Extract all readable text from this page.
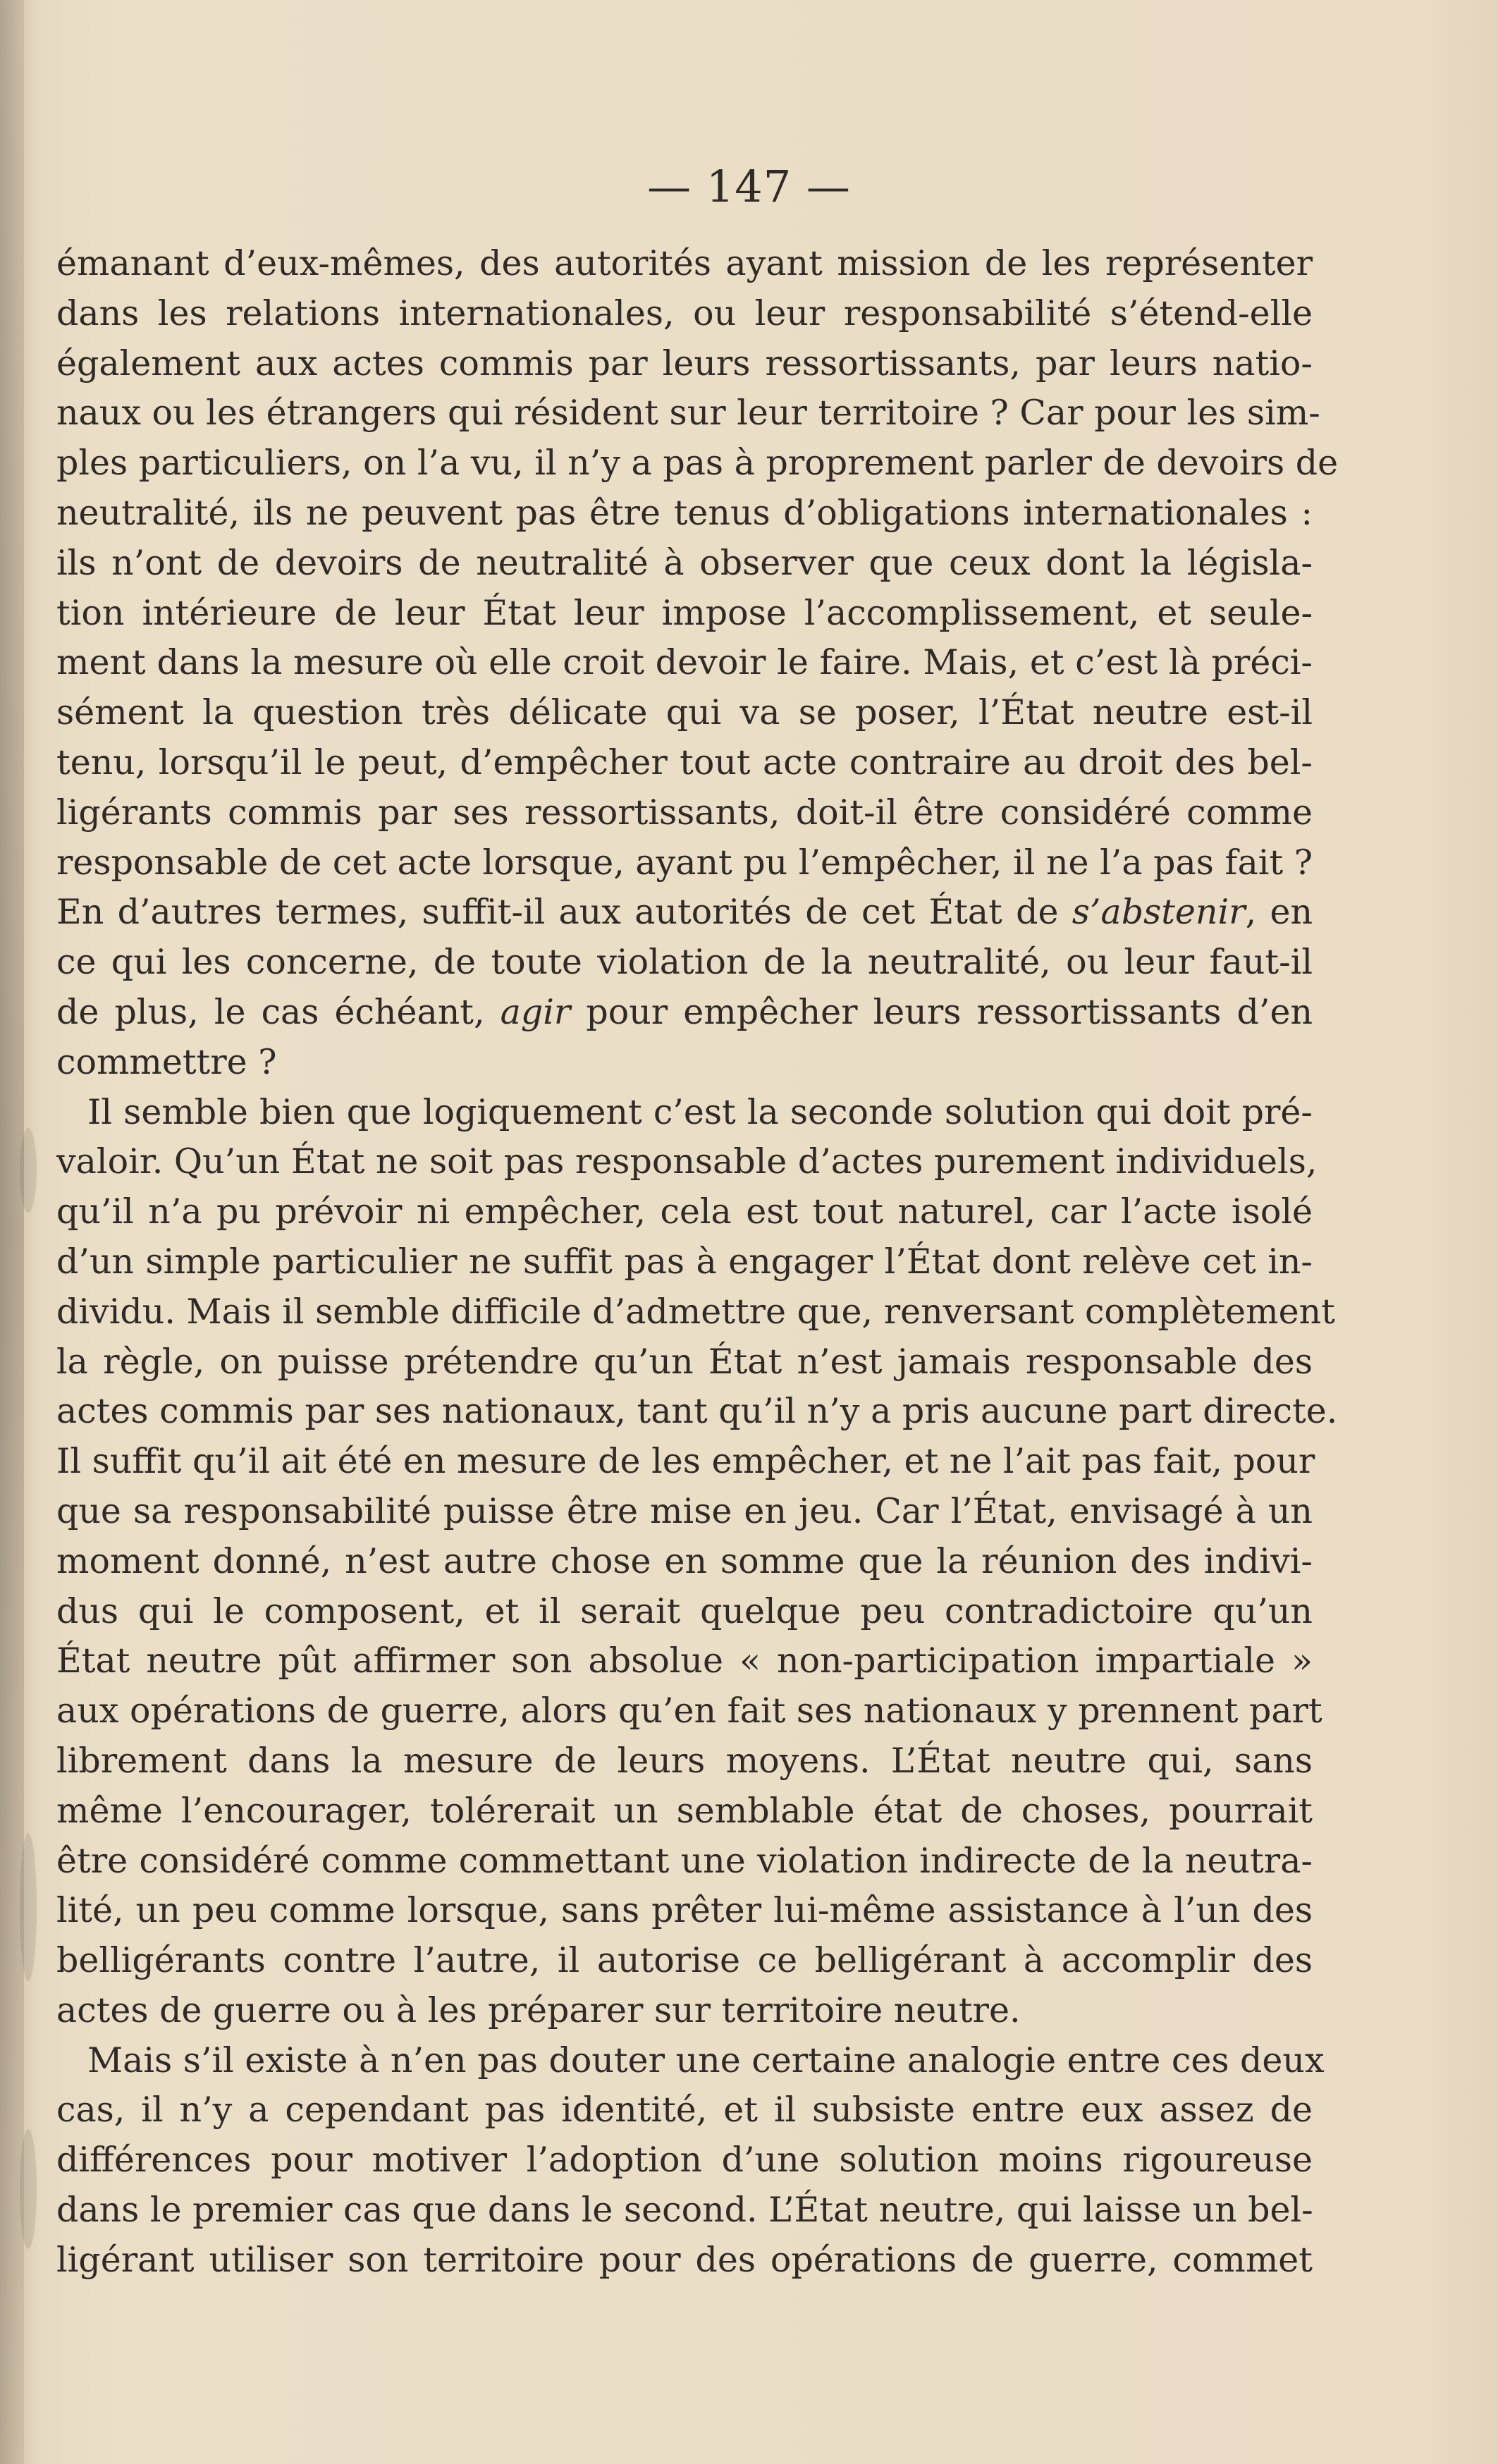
— 147 —
émanant d’eux-mêmes, des autorités ayant mission de les représenter
dans les relations internationales, ou leur responsabilité s’étend-elle
également aux actes commis par leurs ressortissants, par leurs natio-
naux ou les étrangers qui résident sur leur territoire ? Car pour les sim-
ples particuliers, on l’a vu, il n’y a pas à proprement parler de devoirs de
neutralité, ils ne peuvent pas être tenus d’obligations internationales :
ils n’ont de devoirs de neutralité à observer que ceux dont la législa-
tion intérieure de leur État leur impose l’accomplissement, et seule-
ment dans la mesure où elle croit devoir le faire. Mais, et c’est là préci-
sément la question très délicate qui va se poser, l’État neutre est-il
tenu, lorsqu’il le peut, d’empêcher tout acte contraire au droit des bel-
ligérants commis par ses ressortissants, doit-il être considéré comme
responsable de cet acte lorsque, ayant pu l’empêcher, il ne l’a pas fait ?
En d’autres termes, suffit-il aux autorités de cet État de s’abstenir, en
ce qui les concerne, de toute violation de la neutralité, ou leur faut-il
de plus, le cas échéant, agir pour empêcher leurs ressortissants d’en
commettre ?
Il semble bien que logiquement c’est la seconde solution qui doit pré-
valoir. Qu’un État ne soit pas responsable d’actes purement individuels,
qu’il n’a pu prévoir ni empêcher, cela est tout naturel, car l’acte isolé
d’un simple particulier ne suffit pas à engager l’État dont relève cet in-
dividu. Mais il semble difficile d’admettre que, renversant complètement
la règle, on puisse prétendre qu’un État n’est jamais responsable des
actes commis par ses nationaux, tant qu’il n’y a pris aucune part directe.
Il suffit qu’il ait été en mesure de les empêcher, et ne l’ait pas fait, pour
que sa responsabilité puisse être mise en jeu. Car l’État, envisagé à un
moment donné, n’est autre chose en somme que la réunion des indivi-
dus qui le composent, et il serait quelque peu contradictoire qu’un
État neutre pût affirmer son absolue « non-participation impartiale »
aux opérations de guerre, alors qu’en fait ses nationaux y prennent part
librement dans la mesure de leurs moyens. L’État neutre qui, sans
même l’encourager, tolérerait un semblable état de choses, pourrait
être considéré comme commettant une violation indirecte de la neutra-
lité, un peu comme lorsque, sans prêter lui-même assistance à l’un des
belligérants contre l’autre, il autorise ce belligérant à accomplir des
actes de guerre ou à les préparer sur territoire neutre.
Mais s’il existe à n’en pas douter une certaine analogie entre ces deux
cas, il n’y a cependant pas identité, et il subsiste entre eux assez de
différences pour motiver l’adoption d’une solution moins rigoureuse
dans le premier cas que dans le second. L’État neutre, qui laisse un bel-
ligérant utiliser son territoire pour des opérations de guerre, commet
